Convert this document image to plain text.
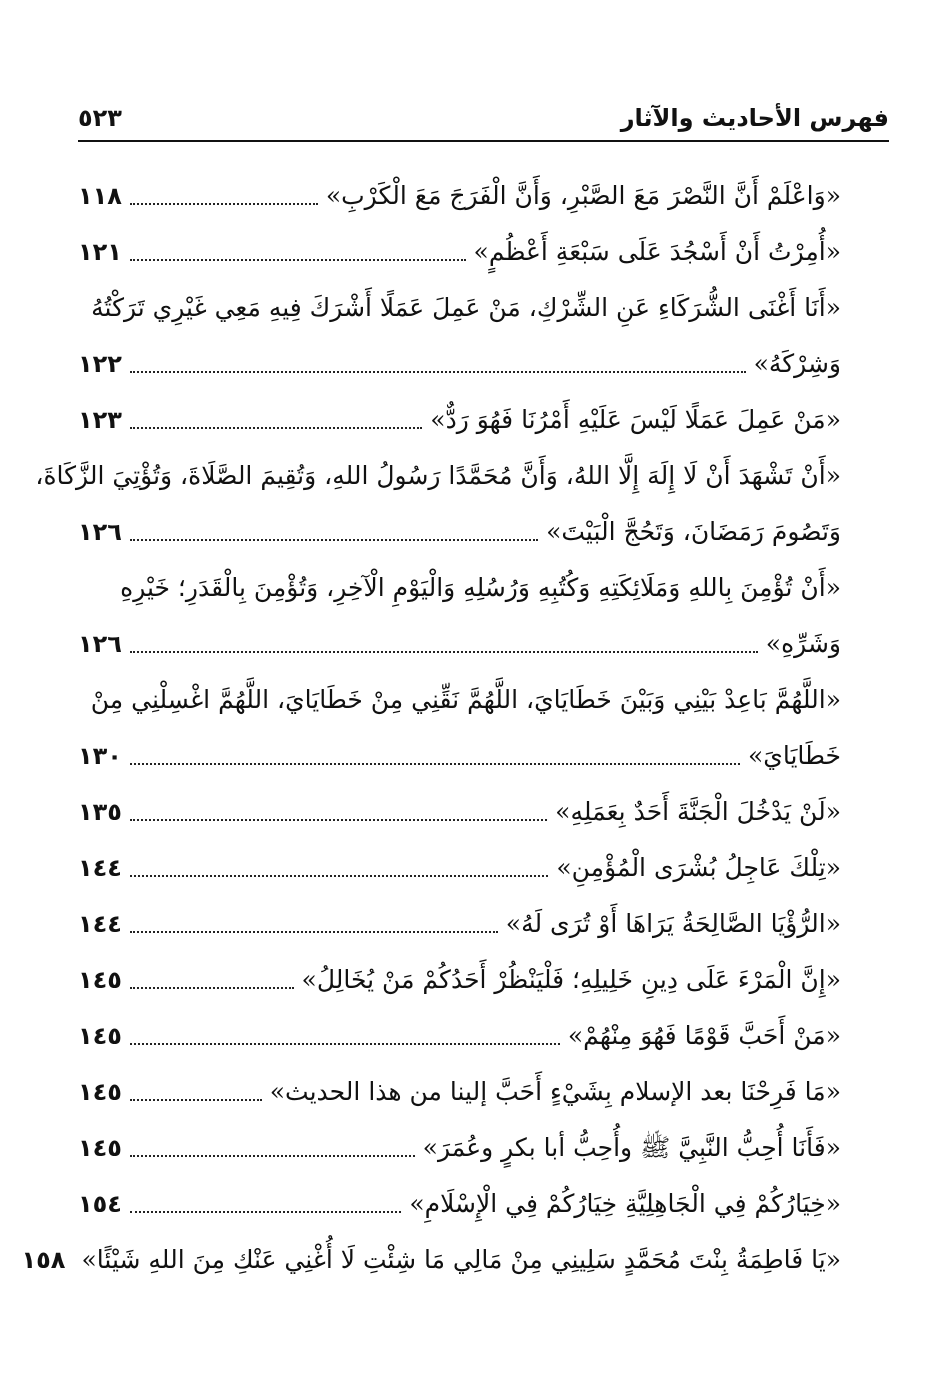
فهرس الأحاديث والآثار
٥٢٣
«وَاعْلَمْ أَنَّ النَّصْرَ مَعَ الصَّبْرِ، وَأَنَّ الْفَرَجَ مَعَ الْكَرْبِ»
١١٨
«أُمِرْتُ أَنْ أَسْجُدَ عَلَى سَبْعَةِ أَعْظُمٍ»
١٢١
«أَنَا أَغْنَى الشُّرَكَاءِ عَنِ الشِّرْكِ، مَنْ عَمِلَ عَمَلًا أَشْرَكَ فِيهِ مَعِي غَيْرِي تَرَكْتُهُ
وَشِرْكَهُ»
١٢٢
«مَنْ عَمِلَ عَمَلًا لَيْسَ عَلَيْهِ أَمْرُنَا فَهُوَ رَدٌّ»
١٢٣
«أَنْ تَشْهَدَ أَنْ لَا إِلَهَ إِلَّا اللهُ، وَأَنَّ مُحَمَّدًا رَسُولُ اللهِ، وَتُقِيمَ الصَّلَاةَ، وَتُؤْتِيَ الزَّكَاةَ،
وَتَصُومَ رَمَضَانَ، وَتَحُجَّ الْبَيْتَ»
١٢٦
«أَنْ تُؤْمِنَ بِاللهِ وَمَلَائِكَتِهِ وَكُتُبِهِ وَرُسُلِهِ وَالْيَوْمِ الْآخِرِ، وَتُؤْمِنَ بِالْقَدَرِ؛ خَيْرِهِ
وَشَرِّهِ»
١٢٦
«اللَّهُمَّ بَاعِدْ بَيْنِي وَبَيْنَ خَطَايَايَ، اللَّهُمَّ نَقِّنِي مِنْ خَطَايَايَ، اللَّهُمَّ اغْسِلْنِي مِنْ
خَطَايَايَ»
١٣٠
«لَنْ يَدْخُلَ الْجَنَّةَ أَحَدٌ بِعَمَلِهِ»
١٣٥
«تِلْكَ عَاجِلُ بُشْرَى الْمُؤْمِنِ»
١٤٤
«الرُّؤْيَا الصَّالِحَةُ يَرَاهَا أَوْ تُرَى لَهُ»
١٤٤
«إِنَّ الْمَرْءَ عَلَى دِينِ خَلِيلِهِ؛ فَلْيَنْظُرْ أَحَدُكُمْ مَنْ يُخَالِلُ»
١٤٥
«مَنْ أَحَبَّ قَوْمًا فَهُوَ مِنْهُمْ»
١٤٥
«مَا فَرِحْنَا بعد الإسلام بِشَيْءٍ أَحَبَّ إلينا من هذا الحديث»
١٤٥
«فَأَنَا أُحِبُّ النَّبِيَّ ﷺ وأُحِبُّ أبا بكرٍ وعُمَرَ»
١٤٥
«خِيَارُكُمْ فِي الْجَاهِلِيَّةِ خِيَارُكُمْ فِي الْإِسْلَامِ»
١٥٤
«يَا فَاطِمَةُ بِنْتَ مُحَمَّدٍ سَلِينِي مِنْ مَالِي مَا شِئْتِ لَا أُغْنِي عَنْكِ مِنَ اللهِ شَيْئًا»
١٥٨
